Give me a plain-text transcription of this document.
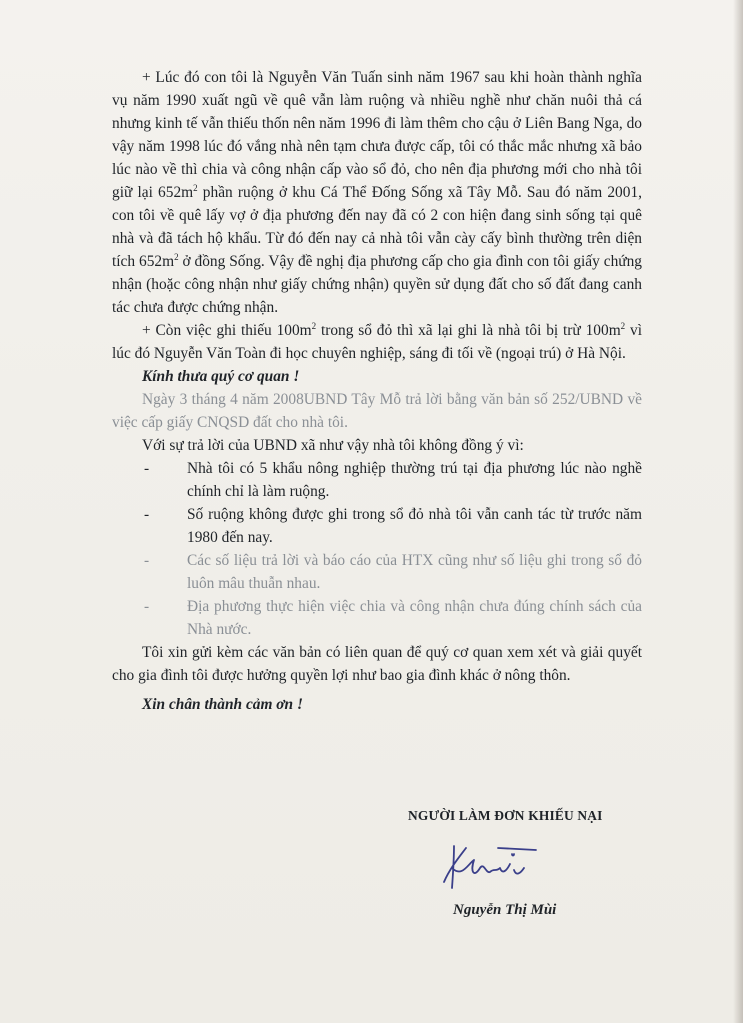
+ Lúc đó con tôi là Nguyễn Văn Tuấn sinh năm 1967 sau khi hoàn thành nghĩa vụ năm 1990 xuất ngũ về quê vẫn làm ruộng và nhiều nghề như chăn nuôi thả cá nhưng kinh tế vẫn thiếu thốn nên năm 1996 đi làm thêm cho cậu ở Liên Bang Nga, do vậy năm 1998 lúc đó vắng nhà nên tạm chưa được cấp, tôi có thắc mắc nhưng xã bảo lúc nào về thì chia và công nhận cấp vào sổ đỏ, cho nên địa phương mới cho nhà tôi giữ lại $652m^2$ phần ruộng ở khu Cá Thể Đống Sống xã Tây Mỗ. Sau đó năm 2001, con tôi về quê lấy vợ ở địa phương đến nay đã có 2 con hiện đang sinh sống tại quê nhà và đã tách hộ khẩu. Từ đó đến nay cả nhà tôi vẫn cày cấy bình thường trên diện tích $652m^2$ ở đồng Sống. Vậy đề nghị địa phương cấp cho gia đình con tôi giấy chứng nhận (hoặc công nhận như giấy chứng nhận) quyền sử dụng đất cho số đất đang canh tác chưa được chứng nhận.

+ Còn việc ghi thiếu $100m^2$ trong sổ đỏ thì xã lại ghi là nhà tôi bị trừ $100m^2$ vì lúc đó Nguyễn Văn Toàn đi học chuyên nghiệp, sáng đi tối về (ngoại trú) ở Hà Nội.

Kính thưa quý cơ quan !

Ngày 3 tháng 4 năm 2008UBND Tây Mỗ trả lời bằng văn bản số 252/UBND về việc cấp giấy CNQSD đất cho nhà tôi.

Với sự trả lời của UBND xã như vậy nhà tôi không đồng ý vì:

- Nhà tôi có 5 khẩu nông nghiệp thường trú tại địa phương lúc nào nghề chính chỉ là làm ruộng.
- Số ruộng không được ghi trong sổ đỏ nhà tôi vẫn canh tác từ trước năm 1980 đến nay.
- Các số liệu trả lời và báo cáo của HTX cũng như số liệu ghi trong sổ đỏ luôn mâu thuẫn nhau.
- Địa phương thực hiện việc chia và công nhận chưa đúng chính sách của Nhà nước.

Tôi xin gửi kèm các văn bản có liên quan để quý cơ quan xem xét và giải quyết cho gia đình tôi được hưởng quyền lợi như bao gia đình khác ở nông thôn.

Xin chân thành cảm ơn !

NGƯỜI LÀM ĐƠN KHIẾU NẠI
Nguyễn Thị Mùi
